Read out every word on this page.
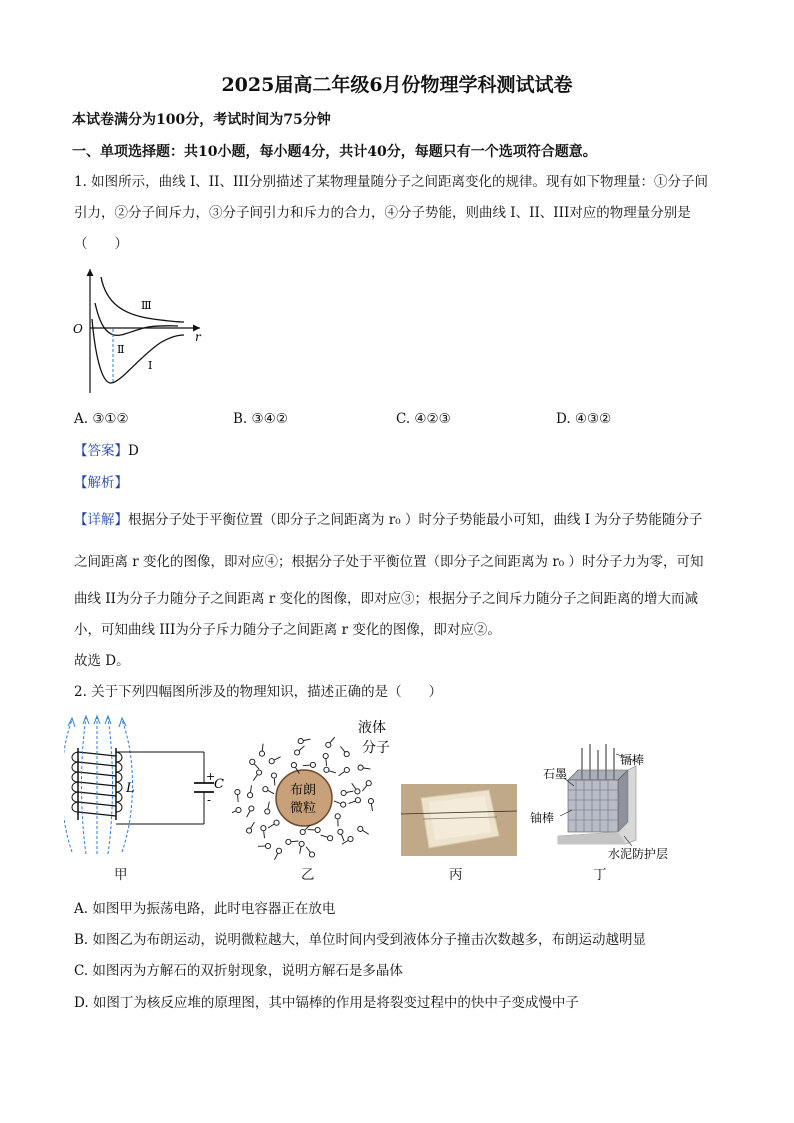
2025届高二年级6月份物理学科测试试卷
本试卷满分为100分，考试时间为75分钟
一、单项选择题：共10小题，每小题4分，共计40分，每题只有一个选项符合题意。
1. 如图所示，曲线 I、II、III分别描述了某物理量随分子之间距离变化的规律。现有如下物理量：①分子间
引力，②分子间斥力，③分子间引力和斥力的合力，④分子势能，则曲线 I、II、III对应的物理量分别是
（　　）
O
r
Ⅲ
Ⅱ
Ⅰ
A. ③①②	B. ③④②	C. ④②③	D. ④③②
【答案】D
【解析】
【详解】根据分子处于平衡位置（即分子之间距离为 r₀ ）时分子势能最小可知，曲线 I 为分子势能随分子
之间距离 r 变化的图像，即对应④；根据分子处于平衡位置（即分子之间距离为 r₀ ）时分子力为零，可知
曲线 II为分子力随分子之间距离 r 变化的图像，即对应③；根据分子之间斥力随分子之间距离的增大而减
小，可知曲线 III为分子斥力随分子之间距离 r 变化的图像，即对应②。
故选 D。
2. 关于下列四幅图所涉及的物理知识，描述正确的是（　　）
L	C
+
-
甲
布朗
微粒
液体
分子
乙	丙
镉棒
石墨
铀棒
水泥防护层
丁
A. 如图甲为振荡电路，此时电容器正在放电
B. 如图乙为布朗运动，说明微粒越大，单位时间内受到液体分子撞击次数越多，布朗运动越明显
C. 如图丙为方解石的双折射现象，说明方解石是多晶体
D. 如图丁为核反应堆的原理图，其中镉棒的作用是将裂变过程中的快中子变成慢中子
